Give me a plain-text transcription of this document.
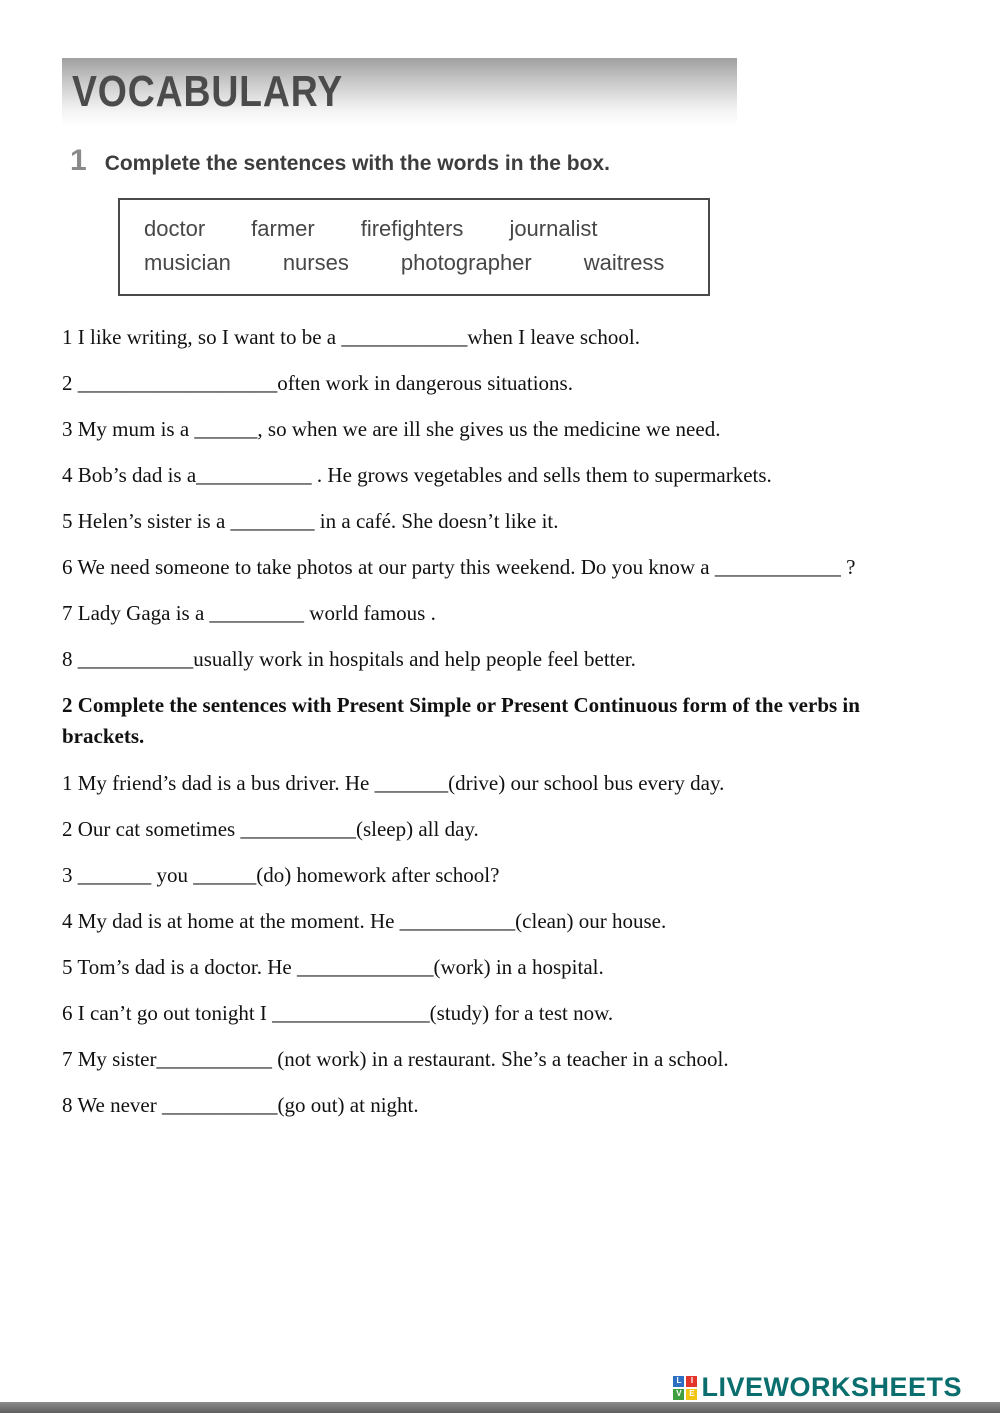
VOCABULARY
1 Complete the sentences with the words in the box.
doctor farmer firefighters journalist
musician nurses photographer waitress

1 I like writing, so I want to be a ____________when I leave school.

2 ___________________often work in dangerous situations.

3 My mum is a ______, so when we are ill she gives us the medicine we need.

4 Bob’s dad is a___________ . He grows vegetables and sells them to supermarkets.

5 Helen’s sister is a ________ in a café. She doesn’t like it.

6 We need someone to take photos at our party this weekend. Do you know a ____________ ?

7 Lady Gaga is a _________ world famous .

8 ___________usually work in hospitals and help people feel better.

2 Complete the sentences with Present Simple or Present Continuous form of the verbs in brackets.

1 My friend’s dad is a bus driver. He _______(drive) our school bus every day.

2 Our cat sometimes ___________(sleep) all day.

3 _______ you ______(do) homework after school?

4 My dad is at home at the moment. He ___________(clean) our house.

5 Tom’s dad is a doctor. He _____________(work) in a hospital.

6 I can’t go out tonight I _______________(study) for a test now.

7 My sister___________ (not work) in a restaurant. She’s a teacher in a school.

8 We never ___________(go out) at night.

L	I
V E LIVEWORKSHEETS
